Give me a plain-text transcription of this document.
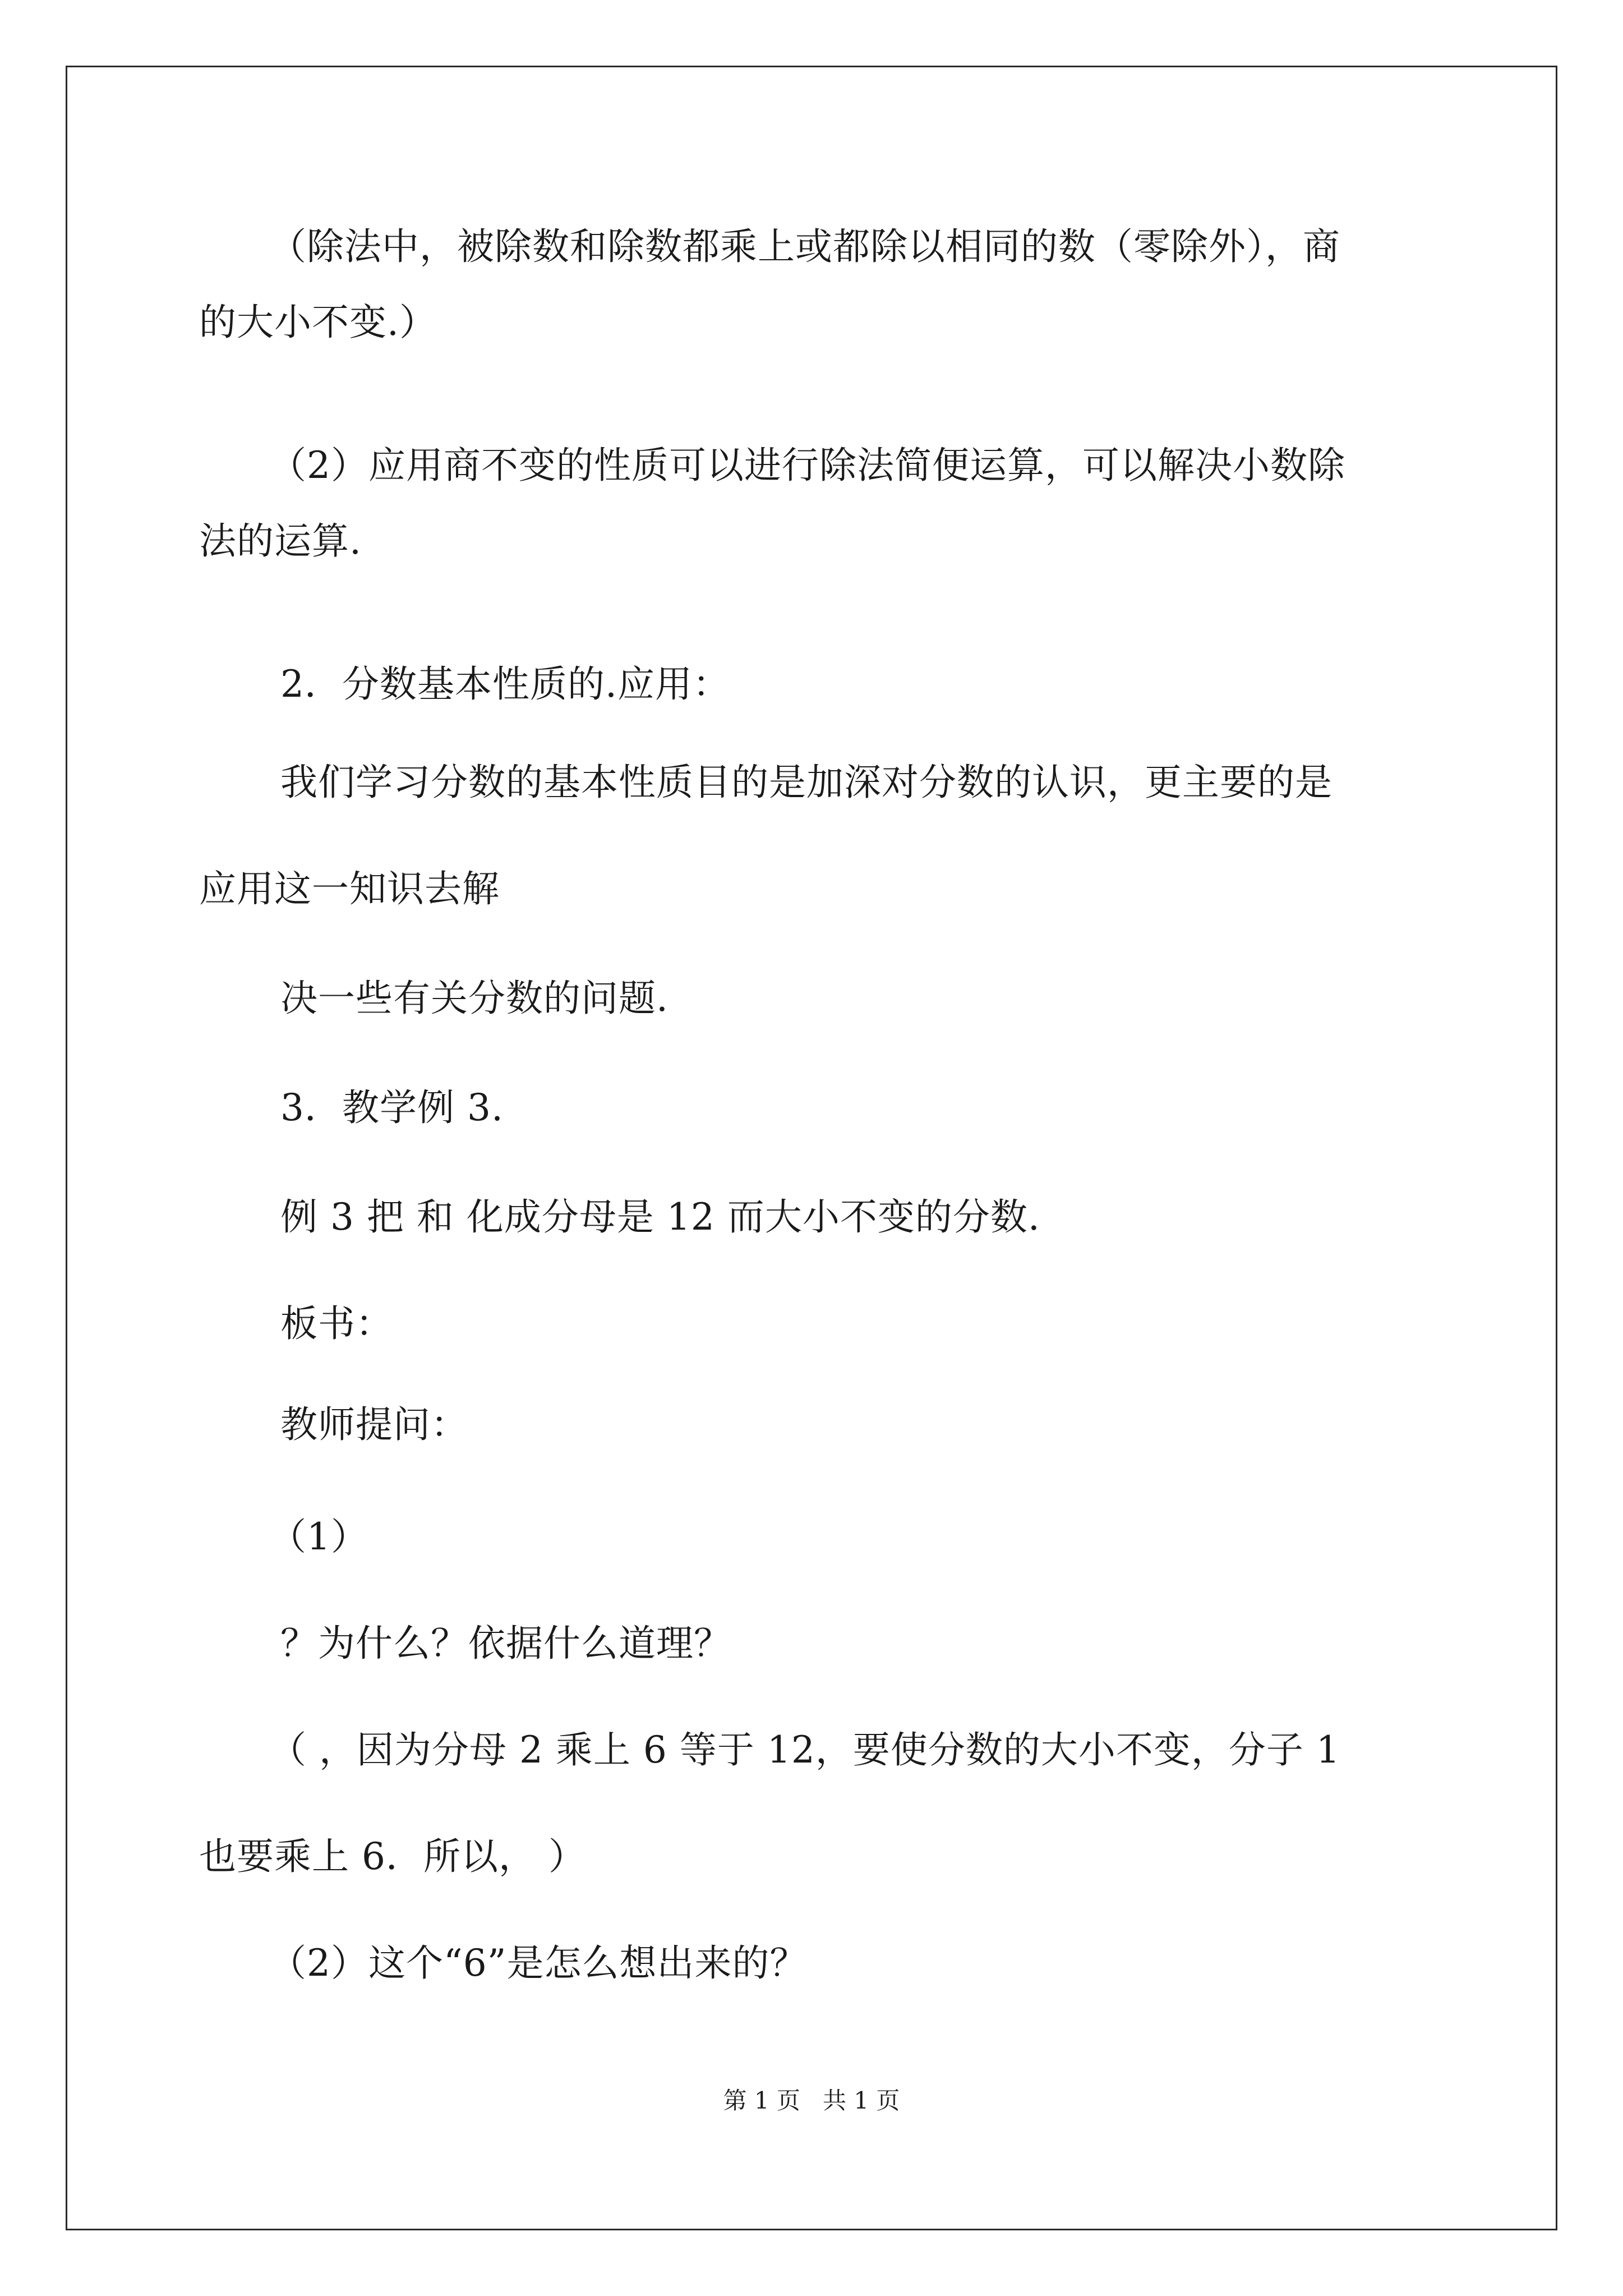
（除法中，被除数和除数都乘上或都除以相同的数（零除外），商
的大小不变.）
（2）应用商不变的性质可以进行除法简便运算，可以解决小数除
法的运算.
2．分数基本性质的.应用：
我们学习分数的基本性质目的是加深对分数的认识，更主要的是
应用这一知识去解
决一些有关分数的问题.
3．教学例 3.
例 3 把 和 化成分母是 12 而大小不变的分数.
板书：
教师提问：
（1）
？为什么？依据什么道理？
（ ，因为分母 2 乘上 6 等于 12，要使分数的大小不变，分子 1
也要乘上 6．所以， ）
（2）这个“6”是怎么想出来的？
第 1 页 共 1 页
